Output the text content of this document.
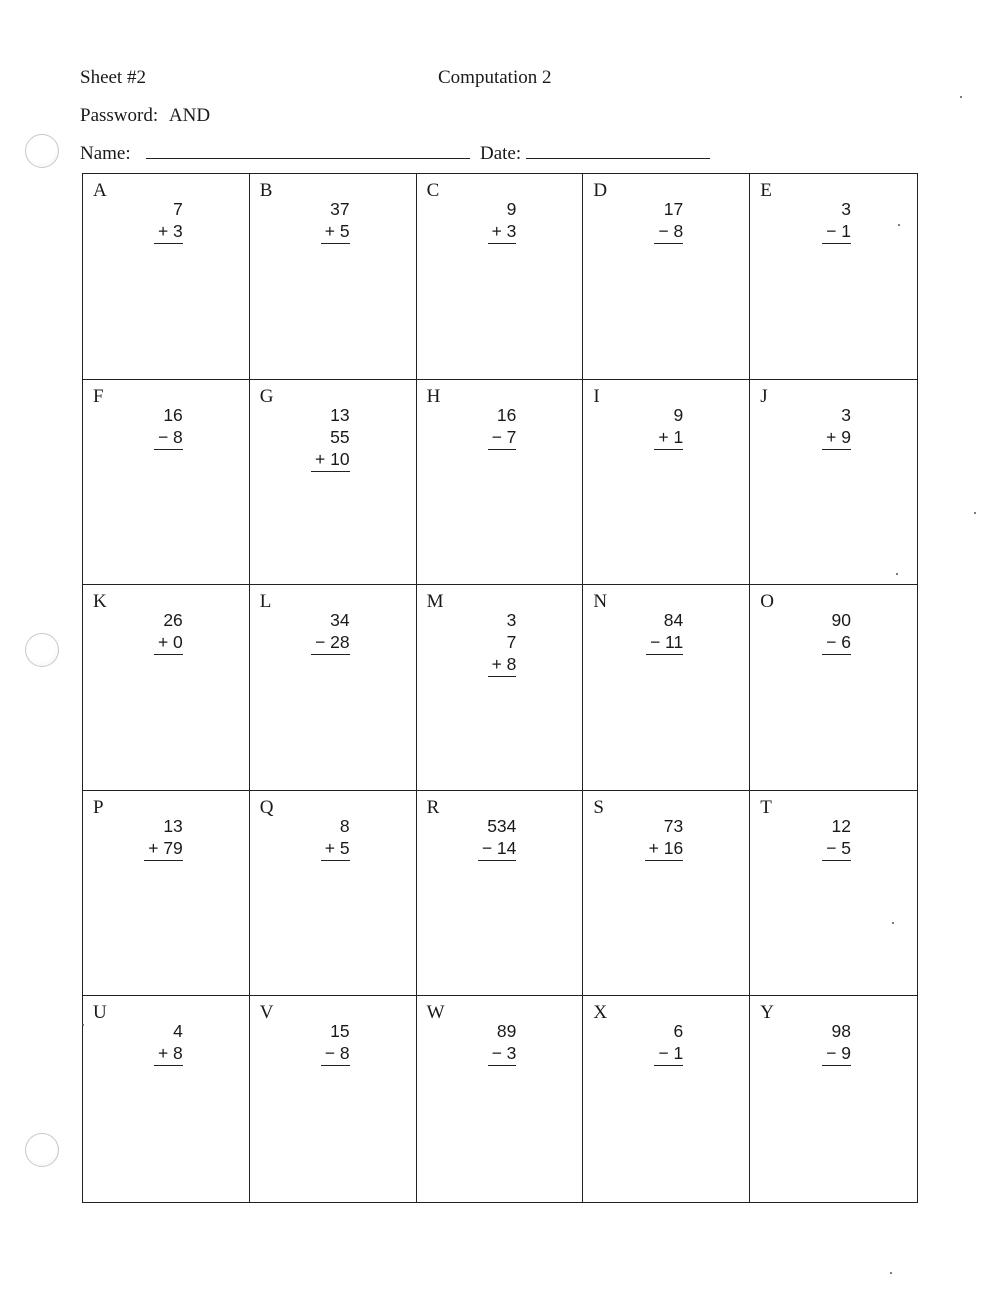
Sheet #2	Computation 2
Password: AND
Name:	Date:
A
7
+ 3
B
37
+ 5
C
9
+ 3
D
17
− 8
E
3
− 1
F
16
− 8
G
13
55
+ 10
H
16
− 7
I
9
+ 1
J
3
+ 9
K
26
+ 0
L
34
− 28
M
3
7
+ 8
N
84
− 11
O
90
− 6
P
13
+ 79
Q
8
+ 5
R
534
− 14
S
73
+ 16
T
12
− 5
U
4
+ 8
V
15
− 8
W
89
− 3
X
6
− 1
Y
98
− 9
